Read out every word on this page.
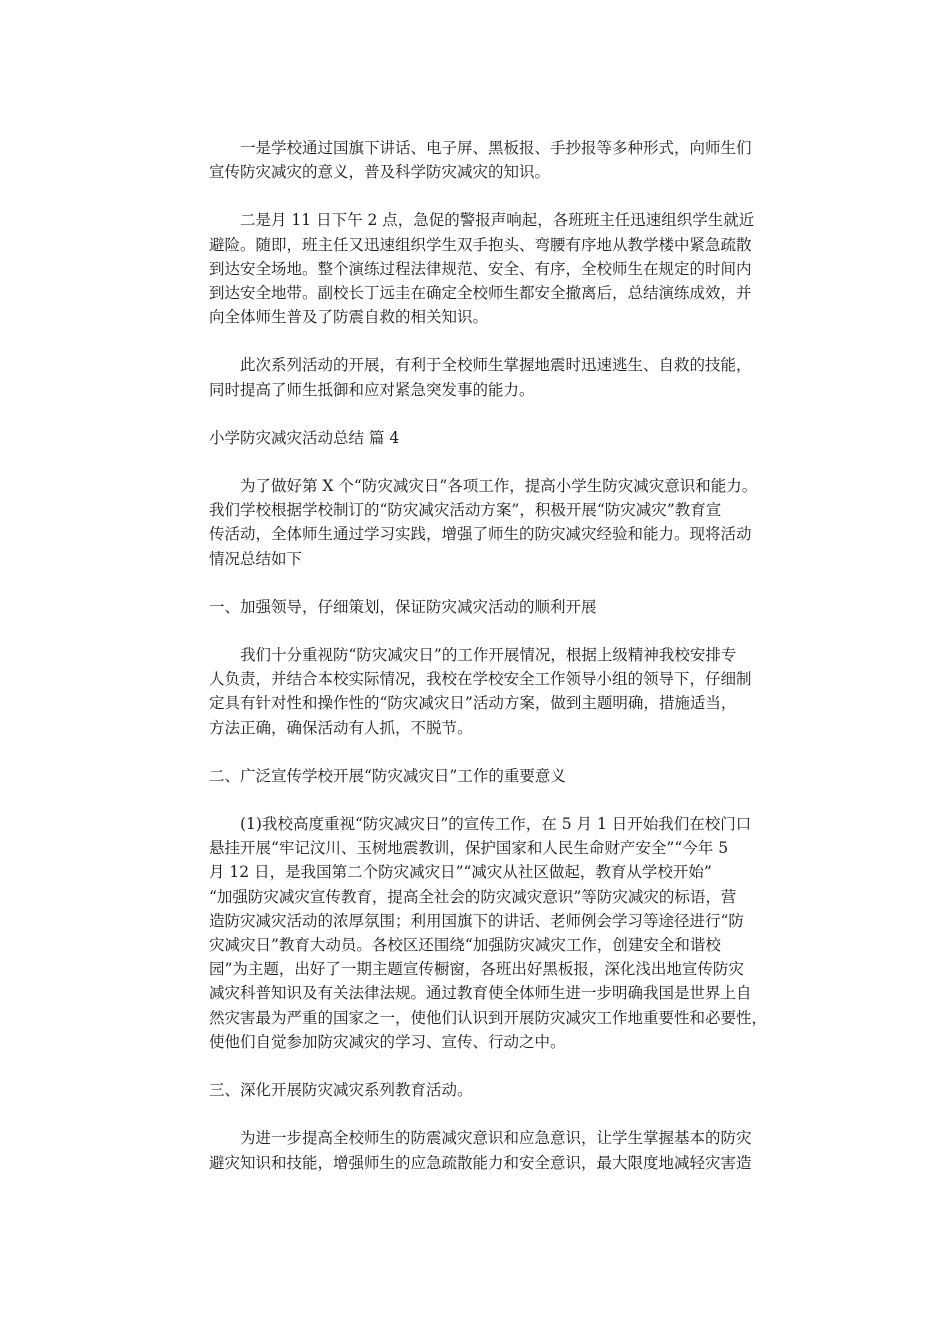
一是学校通过国旗下讲话、电子屏、黑板报、手抄报等多种形式，向师生们
宣传防灾减灾的意义，普及科学防灾减灾的知识。
二是月 11 日下午 2 点，急促的警报声响起，各班班主任迅速组织学生就近
避险。随即，班主任又迅速组织学生双手抱头、弯腰有序地从教学楼中紧急疏散
到达安全场地。整个演练过程法律规范、安全、有序，全校师生在规定的时间内
到达安全地带。副校长丁远圭在确定全校师生都安全撤离后，总结演练成效，并
向全体师生普及了防震自救的相关知识。
此次系列活动的开展，有利于全校师生掌握地震时迅速逃生、自救的技能，
同时提高了师生抵御和应对紧急突发事的能力。
小学防灾减灾活动总结 篇 4
为了做好第 X 个“防灾减灾日”各项工作，提高小学生防灾减灾意识和能力。
我们学校根据学校制订的“防灾减灾活动方案”，积极开展“防灾减灾”教育宣
传活动，全体师生通过学习实践，增强了师生的防灾减灾经验和能力。现将活动
情况总结如下
一、加强领导，仔细策划，保证防灾减灾活动的顺利开展
我们十分重视防“防灾减灾日”的工作开展情况，根据上级精神我校安排专
人负责，并结合本校实际情况，我校在学校安全工作领导小组的领导下，仔细制
定具有针对性和操作性的“防灾减灾日”活动方案，做到主题明确，措施适当，
方法正确，确保活动有人抓，不脱节。
二、广泛宣传学校开展“防灾减灾日”工作的重要意义
(1)我校高度重视“防灾减灾日”的宣传工作，在 5 月 1 日开始我们在校门口
悬挂开展“牢记汶川、玉树地震教训，保护国家和人民生命财产安全”“今年 5
月 12 日，是我国第二个防灾减灾日”“减灾从社区做起，教育从学校开始”
“加强防灾减灾宣传教育，提高全社会的防灾减灾意识”等防灾减灾的标语，营
造防灾减灾活动的浓厚氛围；利用国旗下的讲话、老师例会学习等途径进行“防
灾减灾日”教育大动员。各校区还围绕“加强防灾减灾工作，创建安全和谐校
园”为主题，出好了一期主题宣传橱窗，各班出好黑板报，深化浅出地宣传防灾
减灾科普知识及有关法律法规。通过教育使全体师生进一步明确我国是世界上自
然灾害最为严重的国家之一，使他们认识到开展防灾减灾工作地重要性和必要性，
使他们自觉参加防灾减灾的学习、宣传、行动之中。
三、深化开展防灾减灾系列教育活动。
为进一步提高全校师生的防震减灾意识和应急意识，让学生掌握基本的防灾
避灾知识和技能，增强师生的应急疏散能力和安全意识，最大限度地减轻灾害造
